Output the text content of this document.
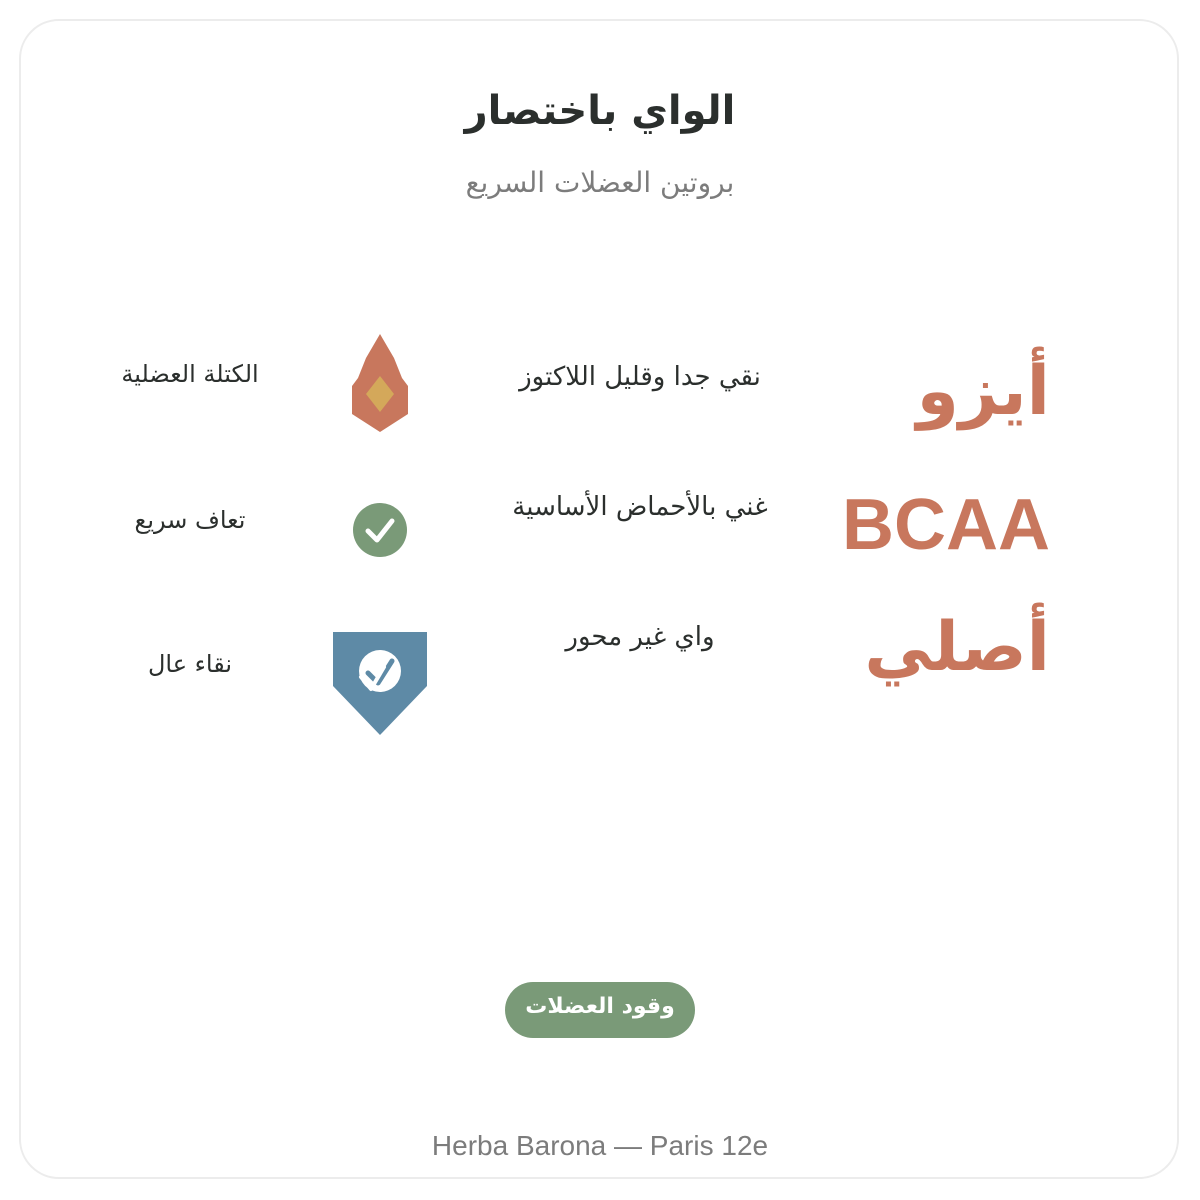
الواي باختصار
بروتين العضلات السريع
أيزو
نقي جدا وقليل اللاكتوز
الكتلة العضلية
BCAA
غني بالأحماض الأساسية
تعاف سريع
أصلي
واي غير محور
نقاء عال
وقود العضلات
Herba Barona — Paris 12e
